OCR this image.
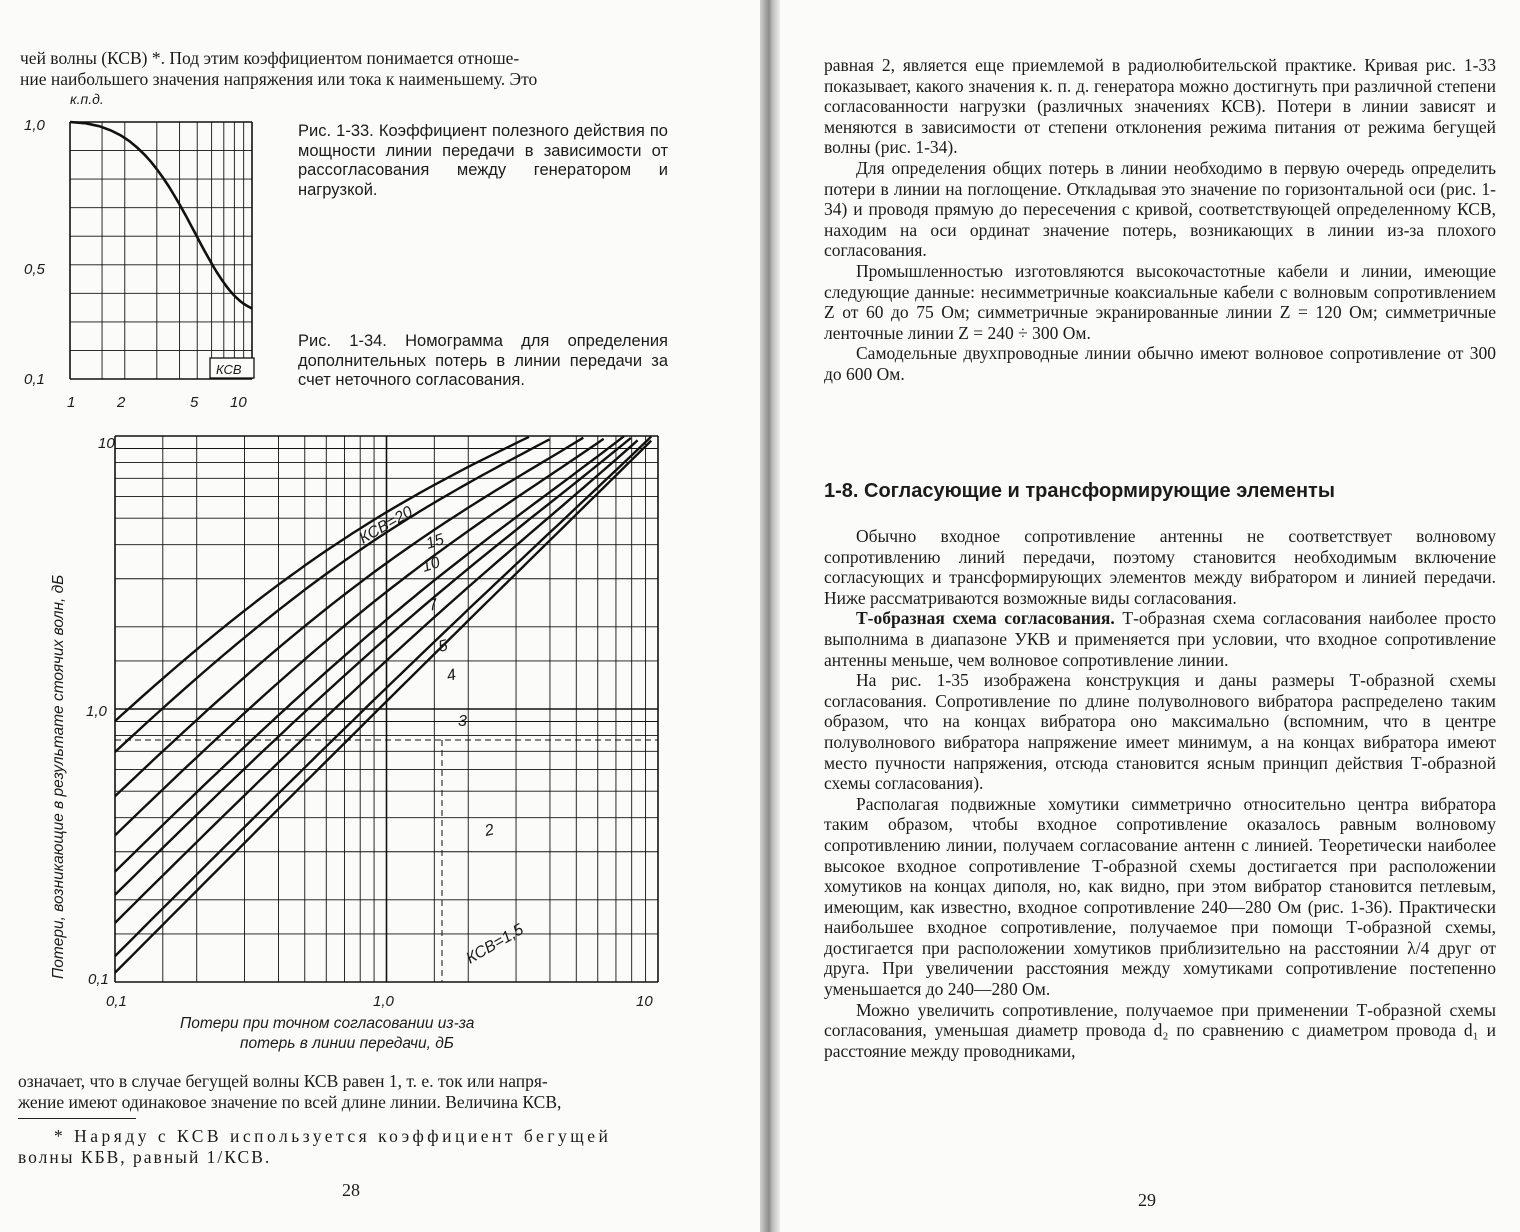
чей волны (КСВ) *. Под этим коэффициентом понимается отноше-

ние наибольшего значения напряжения или тока к наименьшему. Это

к.п.д.
1,0
0,5
0,1
1	2	5 10
КСВ
Рис. 1-33. Коэффициент полезного действия по мощности линии передачи в зависимости от рассогласования между генератором и нагрузкой.
Рис. 1-34. Номограмма для определения дополнительных потерь в линии передачи за счет неточного согласования.
10
1,0
0,1
0,1	1,0	10
Потери при точном согласовании из-за
потерь в линии передачи, дБ
Потери, возникающие в результате стоячих волн, дБ
КСВ=20 15
10
7
5
4
3
2
КСВ=1,5

означает, что в случае бегущей волны КСВ равен 1, т. е. ток или напря-

жение имеют одинаковое значение по всей длине линии. Величина КСВ,

* Наряду с КСВ используется коэффициент бегущей

волны КБВ, равный 1/КСВ.

28

равная 2, является еще приемлемой в радиолюбительской практике. Кривая рис. 1-33 показывает, какого значения к. п. д. генератора можно достигнуть при различной степени согласованности нагрузки (различных значениях КСВ). Потери в линии зависят и меняются в зависимости от степени отклонения режима питания от режима бегущей волны (рис. 1-34).

Для определения общих потерь в линии необходимо в первую очередь определить потери в линии на поглощение. Откладывая это значение по горизонтальной оси (рис. 1-34) и проводя прямую до пересечения с кривой, соответствующей определенному КСВ, находим на оси ординат значение потерь, возникающих в линии из-за плохого согласования.

Промышленностью изготовляются высокочастотные кабели и линии, имеющие следующие данные: несимметричные коаксиальные кабели с волновым сопротивлением Z от 60 до 75 Ом; симметричные экранированные линии Z = 120 Ом; симметричные ленточные линии Z = 240 ÷ 300 Ом.

Самодельные двухпроводные линии обычно имеют волновое сопротивление от 300 до 600 Ом.

1-8. Согласующие и трансформирующие элементы

Обычно входное сопротивление антенны не соответствует волновому сопротивлению линий передачи, поэтому становится необходимым включение согласующих и трансформирующих элементов между вибратором и линией передачи. Ниже рассматриваются возможные виды согласования.

Т-образная схема согласования. Т-образная схема согласования наиболее просто выполнима в диапазоне УКВ и применяется при условии, что входное сопротивление антенны меньше, чем волновое сопротивление линии.

На рис. 1-35 изображена конструкция и даны размеры Т-образной схемы согласования. Сопротивление по длине полуволнового вибратора распределено таким образом, что на концах вибратора оно максимально (вспомним, что в центре полуволнового вибратора напряжение имеет минимум, а на концах вибратора имеют место пучности напряжения, отсюда становится ясным принцип действия Т-образной схемы согласования).

Располагая подвижные хомутики симметрично относительно центра вибратора таким образом, чтобы входное сопротивление оказалось равным волновому сопротивлению линии, получаем согласование антенн с линией. Теоретически наиболее высокое входное сопротивление Т-образной схемы достигается при расположении хомутиков на концах диполя, но, как видно, при этом вибратор становится петлевым, имеющим, как известно, входное сопротивление 240—280 Ом (рис. 1-36). Практически наибольшее входное сопротивление, получаемое при помощи Т-образной схемы, достигается при расположении хомутиков приблизительно на расстоянии λ/4 друг от друга. При увеличении расстояния между хомутиками сопротивление постепенно уменьшается до 240—280 Ом.

Можно увеличить сопротивление, получаемое при применении Т-образной схемы согласования, уменьшая диаметр провода d₂ по сравнению с диаметром провода d₁ и расстояние между проводниками,

29
